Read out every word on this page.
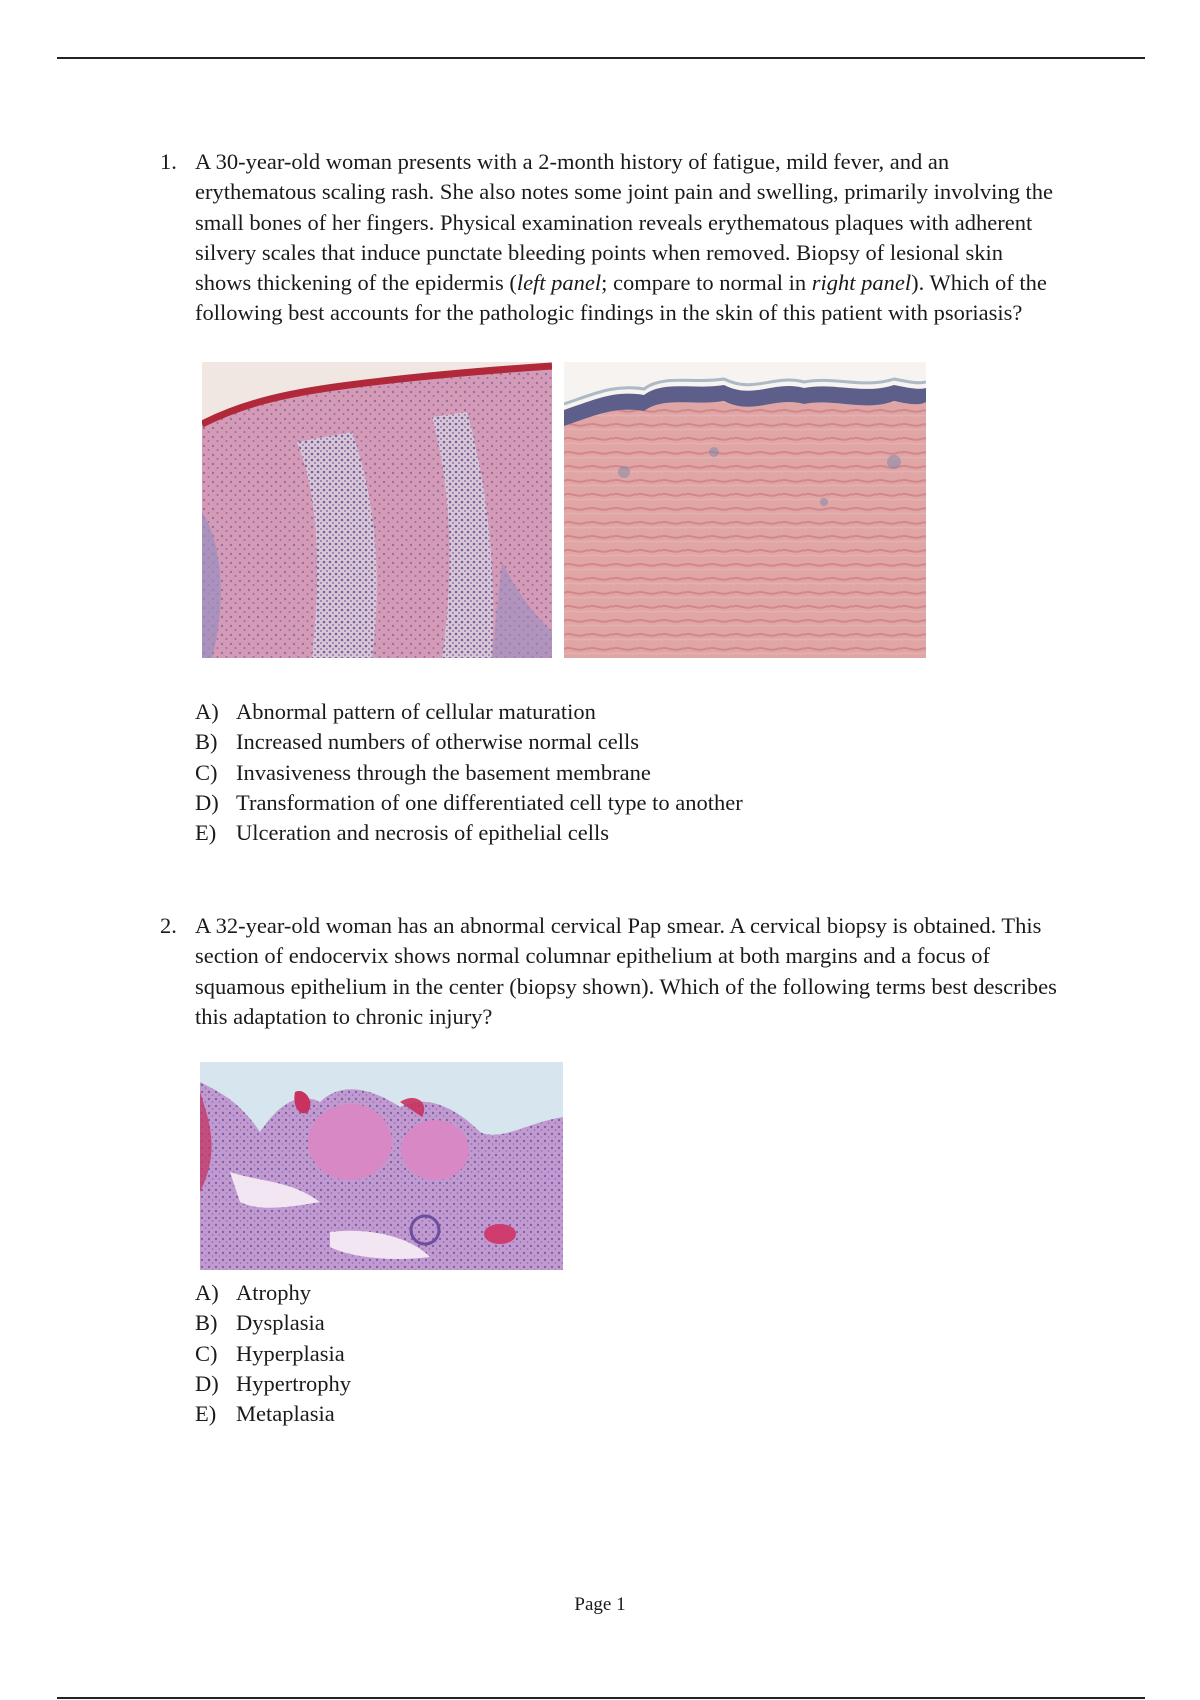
1. A 30-year-old woman presents with a 2-month history of fatigue, mild fever, and an erythematous scaling rash. She also notes some joint pain and swelling, primarily involving the small bones of her fingers. Physical examination reveals erythematous plaques with adherent silvery scales that induce punctate bleeding points when removed. Biopsy of lesional skin shows thickening of the epidermis (left panel; compare to normal in right panel). Which of the following best accounts for the pathologic findings in the skin of this patient with psoriasis?

A) Abnormal pattern of cellular maturation
B) Increased numbers of otherwise normal cells
C) Invasiveness through the basement membrane
D) Transformation of one differentiated cell type to another
E) Ulceration and necrosis of epithelial cells
2. A 32-year-old woman has an abnormal cervical Pap smear. A cervical biopsy is obtained. This section of endocervix shows normal columnar epithelium at both margins and a focus of squamous epithelium in the center (biopsy shown). Which of the following terms best describes this adaptation to chronic injury?

A) Atrophy
B) Dysplasia
C) Hyperplasia
D) Hypertrophy
E) Metaplasia
Page 1
